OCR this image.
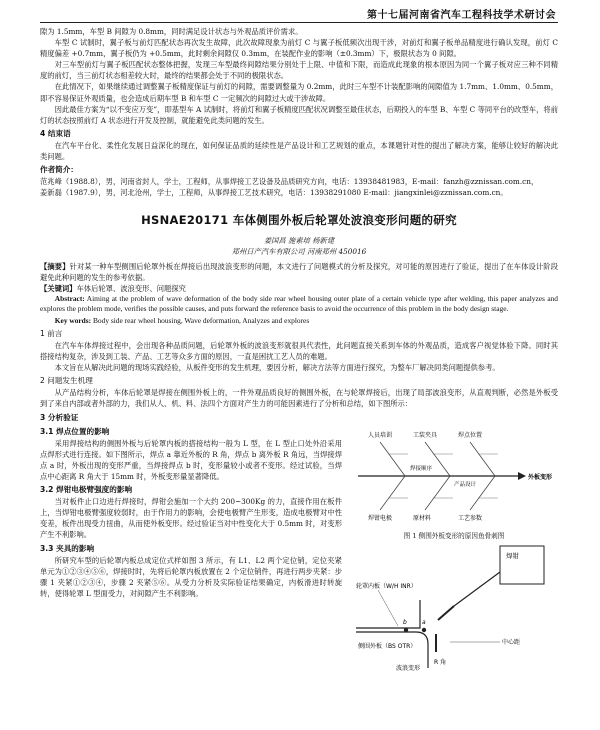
第十七届河南省汽车工程科技学术研讨会

隙为 1.5mm，车型 B 间隙为 0.8mm，同时满足设计状态与外观品质评价需求。

车型 C 试制时，翼子板与前灯匹配状态再次发生故障，此次故障现象为前灯 C 与翼子板低频次出现干涉，对前灯和翼子板单品精度进行确认发现，前灯 C 精度偏差 +0.7mm，翼子板仍为 +0.5mm，此时剩余间隙仅 0.3mm，在装配作业的影响（±0.3mm）下，极限状态为 0 间隙。

对三车型前灯与翼子板匹配状态整体把握，发现三车型最终间隙结果分别处于上限、中值和下限，而造成此现象的根本原因为同一个翼子板对应三种不同精度的前灯，当三前灯状态相差较大时，最终的结果都会处于不同的极限状态。

在此情况下，如果继续通过调整翼子板精度保证与前灯的间隙，需要调整量为 0.2mm，此时三车型不计装配影响的间隙值为 1.7mm、1.0mm、0.5mm，即不容易保证外观质量，也会造成后期车型 B 和车型 C 一定频次的间隙过大或干涉故障。

因此最佳方案为“以不变应万变”，即基型车 A 试制时，将前灯和翼子板精度匹配状况调整至最佳状态，后期投入的车型 B、车型 C 等同平台的改型车，将前灯的状态按照前灯 A 状态进行开发及控制，就能避免此类问题的发生。

4 结束语

在汽车平台化、柔性化发展日益深化的现在，如何保证品质的延续性是产品设计和工艺规划的重点，本课题针对性的提出了解决方案，能够让较好的解决此类问题。

作者简介：

范兆峰（1988.8），男，河南省封人，学士，工程师，从事焊接工艺设备及品质研究方向，电话：13938481983，E-mail：fanzh@zznissan.com.cn，

姜新磊（1987.9），男，河北沧州，学士，工程师，从事焊接工艺技术研究，电话：13938291080 E-mail：jiangxinlei@zznissan.com.cn。

HSNAE20171 车体侧围外板后轮罩处波浪变形问题的研究
姜国昌 施素培 杨新建
郑州日产汽车有限公司 河南郑州 450016

【摘要】针对某一种车型侧围后轮罩外板在焊接后出现波浪变形的问题，本文进行了问题模式的分析及探究，对可能的原因进行了验证，提出了在车体设计阶段避免此种问题的发生的参考依据。

【关键词】车体后轮罩、波浪变形、问题探究

Abstract: Aiming at the problem of wave deformation of the body side rear wheel housing outer plate of a certain vehicle type after welding, this paper analyzes and explores the problem mode, verifies the possible causes, and puts forward the reference basis to avoid the occurrence of this problem in the body design stage.

Key words: Body side rear wheel housing, Wave deformation, Analyzes and explores

1 前言

在汽车车体焊接过程中，会出现各种品质问题，后轮罩外板的波浪变形就很具代表性，此问题直接关系到车体的外观品质，造成客户视觉体验下降。同时其搭接结构复杂，涉及到工装、产品、工艺等众多方面的原因，一直是困扰工艺人员的难题。

本文旨在从解决此问题的现场实践经验，从板件变形的发生机理，要因分析，解决方法等方面进行探究，为整车厂解决同类问题提供参考。

2 问题发生机理

从产品结构分析，车体后轮罩是焊接在侧围外板上的，一件外观品质良好的侧围外板，在与轮罩焊接后，出现了局部波浪变形，从直观判断，必然是外板受到了来自内部或者外部的力，我们从人、机、料、法四个方面对产生力的可能因素进行了分析和总结，如下图所示：

3 分析验证
3.1 焊点位置的影响

采用焊接结构的侧围外板与后轮罩内板的搭接结构一般为 L 型，在 L 型止口处外沿采用点焊形式进行连接。如下图所示，焊点 a 靠近外板的 R 角，焊点 b 离外板 R 角远，当焊接焊点 a 时，外板出现的变形严重，当焊接焊点 b 时，变形量较小或者不变形。经过试验，当焊点中心距离 R 角大于 15mm 时，外板变形量显著降低。

3.2 焊钳电极臂强度的影响

当对板件止口边进行焊接时，焊钳会施加一个大约 200~300Kg 的力，直接作用在板件上，当焊钳电极臂强度较弱时，由于作用力的影响，会使电极臂产生形变，造成电极臂对中性变差，板件出现受力扭曲，从而使外板变形。经过验证当对中性变化大于 0.5mm 时，对变形产生不利影响。

3.3 夹具的影响

所研究车型的后轮罩内板总成定位式样如图 3 所示，有 L1、L2 两个定位销，定位夹紧单元为①②③④⑤⑥，焊接时时，先将后轮罩内板放置在 2 个定位销件，再进行两步夹紧：步骤 1 夹紧①②③④，步骤 2 夹紧⑤⑥。从受力分析及实际验证结果确定，内板滑进时转旋转，使得轮罩 L 型面受力，对间隙产生不利影响。

人员培训	工装夹具	焊点位置
焊钳电极	原材料	工艺参数
焊接顺序
产品设计
外板变形
图 1 侧围外板变形的原因鱼骨刺图
焊钳
轮罩内板（W/H INR）
侧围外板（BS OTR）
R 角
a
b
中心距
波浪变形
